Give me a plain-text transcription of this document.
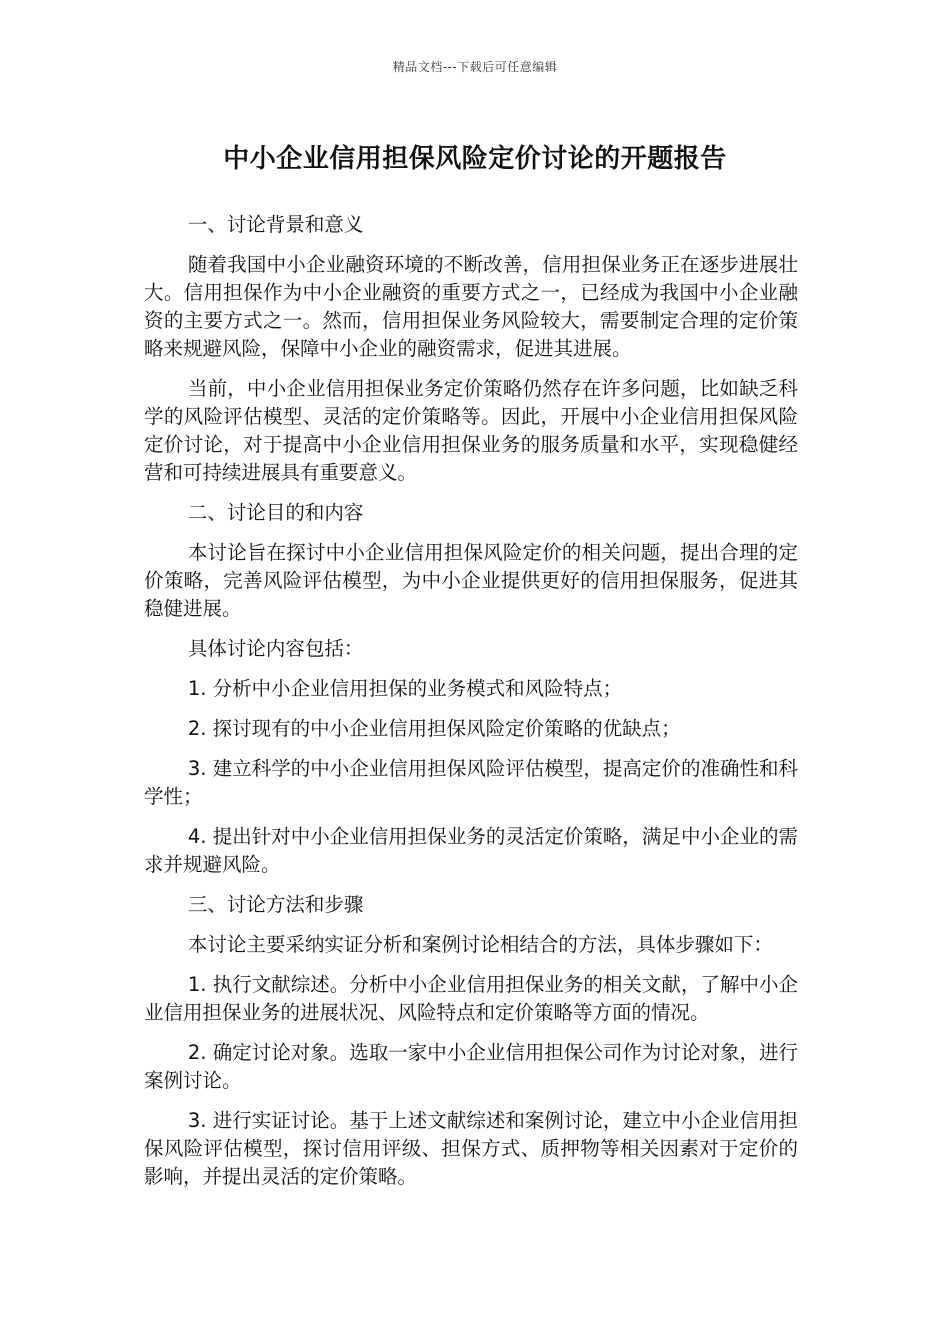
精品文档---下载后可任意编辑
中小企业信用担保风险定价讨论的开题报告

一、讨论背景和意义

随着我国中小企业融资环境的不断改善，信用担保业务正在逐步进展壮大。信用担保作为中小企业融资的重要方式之一，已经成为我国中小企业融资的主要方式之一。然而，信用担保业务风险较大，需要制定合理的定价策略来规避风险，保障中小企业的融资需求，促进其进展。

当前，中小企业信用担保业务定价策略仍然存在许多问题，比如缺乏科学的风险评估模型、灵活的定价策略等。因此，开展中小企业信用担保风险定价讨论，对于提高中小企业信用担保业务的服务质量和水平，实现稳健经营和可持续进展具有重要意义。

二、讨论目的和内容

本讨论旨在探讨中小企业信用担保风险定价的相关问题，提出合理的定价策略，完善风险评估模型，为中小企业提供更好的信用担保服务，促进其稳健进展。

具体讨论内容包括：

1. 分析中小企业信用担保的业务模式和风险特点；

2. 探讨现有的中小企业信用担保风险定价策略的优缺点；

3. 建立科学的中小企业信用担保风险评估模型，提高定价的准确性和科学性；

4. 提出针对中小企业信用担保业务的灵活定价策略，满足中小企业的需求并规避风险。

三、讨论方法和步骤

本讨论主要采纳实证分析和案例讨论相结合的方法，具体步骤如下：

1. 执行文献综述。分析中小企业信用担保业务的相关文献，了解中小企业信用担保业务的进展状况、风险特点和定价策略等方面的情况。

2. 确定讨论对象。选取一家中小企业信用担保公司作为讨论对象，进行案例讨论。

3. 进行实证讨论。基于上述文献综述和案例讨论，建立中小企业信用担保风险评估模型，探讨信用评级、担保方式、质押物等相关因素对于定价的影响，并提出灵活的定价策略。
